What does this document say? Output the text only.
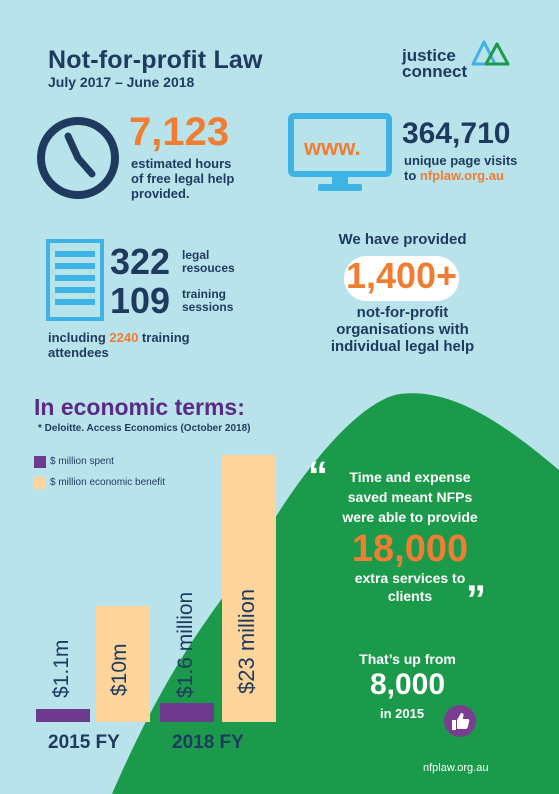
Not-for-profit Law
July 2017 – June 2018
justice
connect
7,123
estimated hours
of free legal help
provided.
www. 364,710
unique page visits
to nfplaw.org.au
322 legal
resouces
109 training
sessions
including 2240 training
attendees
We have provided
1,400+
not-for-profit
organisations with
individual legal help
In economic terms:
* Deloitte. Access Economics (October 2018)
$ million spent
$ million economic benefit
$1.1m $10m $1.6 million $23 million
2015 FY	2018 FY
“	Time and expense
saved meant NFPs
were able to provide
18,000
extra services to
clients ”
That’s up from
8,000
in 2015
nfplaw.org.au
